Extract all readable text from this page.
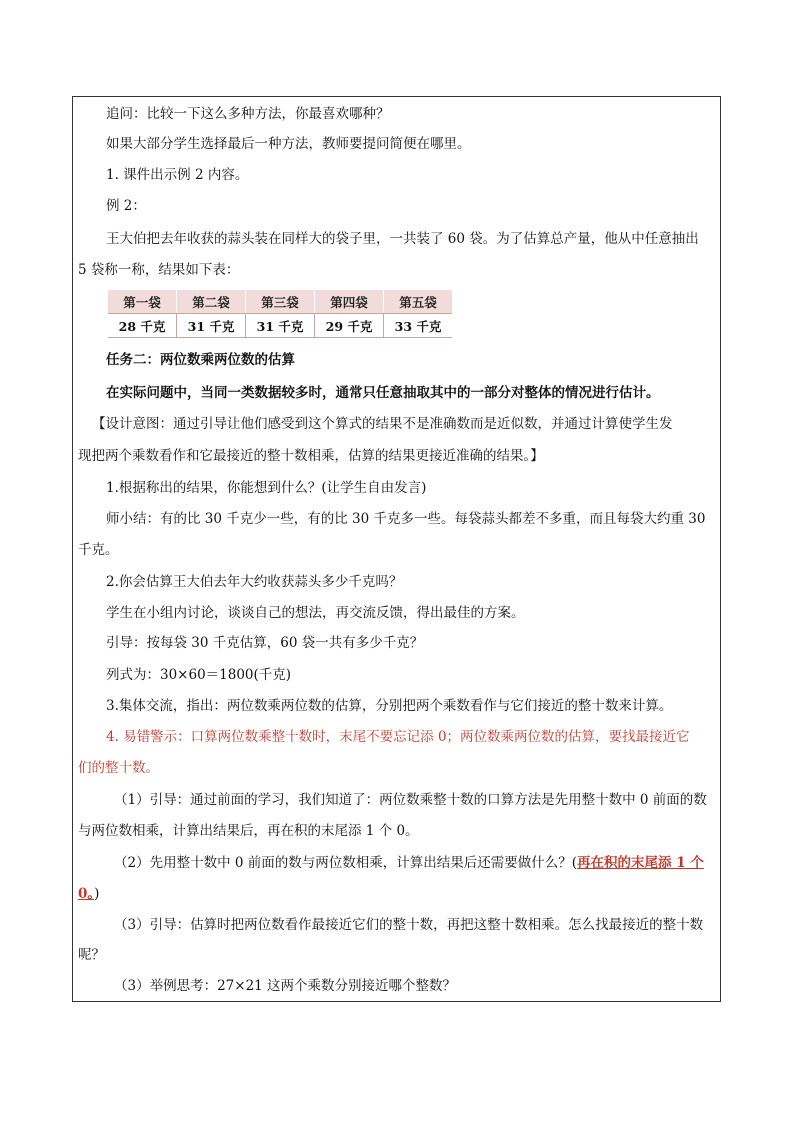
追问：比较一下这么多种方法，你最喜欢哪种？
如果大部分学生选择最后一种方法，教师要提问简便在哪里。
1. 课件出示例 2 内容。
例 2：
王大伯把去年收获的蒜头装在同样大的袋子里，一共装了 60 袋。为了估算总产量，他从中任意抽出
5 袋称一称，结果如下表：
第一袋	第二袋	第三袋	第四袋	第五袋
28 千克	31 千克	31 千克	29 千克	33 千克
任务二：两位数乘两位数的估算
在实际问题中，当同一类数据较多时，通常只任意抽取其中的一部分对整体的情况进行估计。
【设计意图：通过引导让他们感受到这个算式的结果不是准确数而是近似数，并通过计算使学生发
现把两个乘数看作和它最接近的整十数相乘，估算的结果更接近准确的结果。】
1.根据称出的结果，你能想到什么？(让学生自由发言)
师小结：有的比 30 千克少一些，有的比 30 千克多一些。每袋蒜头都差不多重，而且每袋大约重 30
千克。
2.你会估算王大伯去年大约收获蒜头多少千克吗？
学生在小组内讨论，谈谈自己的想法，再交流反馈，得出最佳的方案。
引导：按每袋 30 千克估算，60 袋一共有多少千克？
列式为：30×60＝1800(千克)
3.集体交流，指出：两位数乘两位数的估算，分别把两个乘数看作与它们接近的整十数来计算。
4. 易错警示：口算两位数乘整十数时，末尾不要忘记添 0；两位数乘两位数的估算，要找最接近它
们的整十数。
（1）引导：通过前面的学习，我们知道了：两位数乘整十数的口算方法是先用整十数中 0 前面的数
与两位数相乘，计算出结果后，再在积的末尾添 1 个 0。
（2）先用整十数中 0 前面的数与两位数相乘，计算出结果后还需要做什么？(再在积的末尾添 1 个
0。)
（3）引导：估算时把两位数看作最接近它们的整十数，再把这整十数相乘。怎么找最接近的整十数
呢？
（3）举例思考：27×21 这两个乘数分别接近哪个整数？
